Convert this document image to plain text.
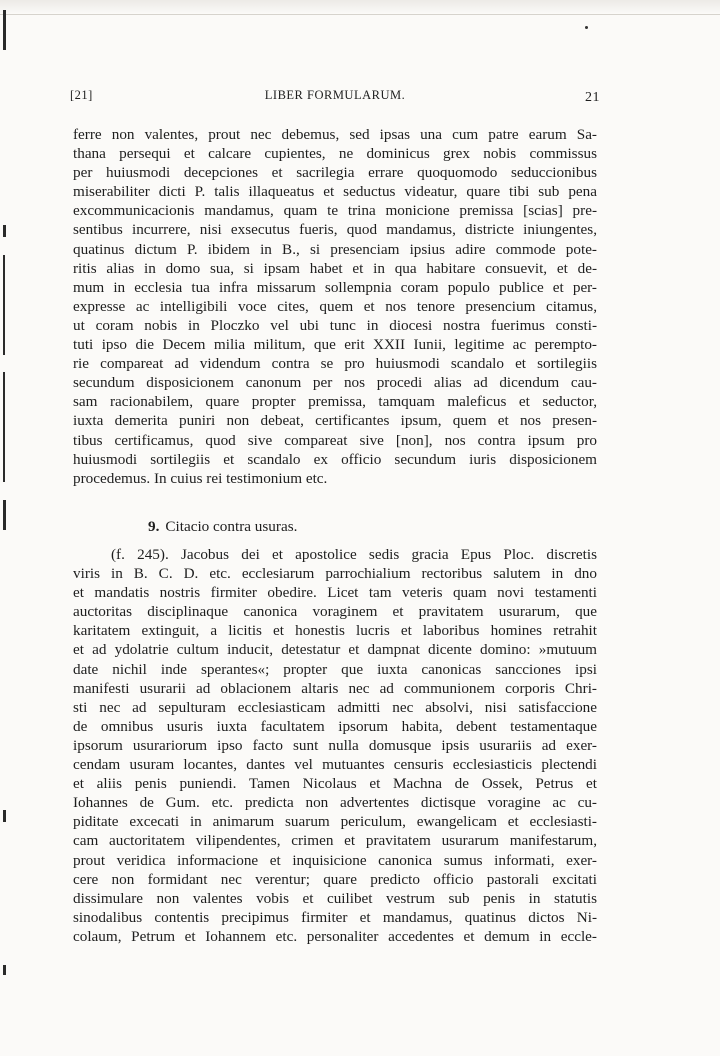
[21]	LIBER FORMULARUM.	21
ferre non valentes, prout nec debemus, sed ipsas una cum patre earum Sa-
thana persequi et calcare cupientes, ne dominicus grex nobis commissus
per huiusmodi decepciones et sacrilegia errare quoquomodo seduccionibus
miserabiliter dicti P. talis illaqueatus et seductus videatur, quare tibi sub pena
excommunicacionis mandamus, quam te trina monicione premissa [scias] pre-
sentibus incurrere, nisi exsecutus fueris, quod mandamus, districte iniungentes,
quatinus dictum P. ibidem in B., si presenciam ipsius adire commode pote-
ritis alias in domo sua, si ipsam habet et in qua habitare consuevit, et de-
mum in ecclesia tua infra missarum sollempnia coram populo publice et per-
expresse ac intelligibili voce cites, quem et nos tenore presencium citamus,
ut coram nobis in Ploczko vel ubi tunc in diocesi nostra fuerimus consti-
tuti ipso die Decem milia militum, que erit XXII Iunii, legitime ac perempto-
rie compareat ad videndum contra se pro huiusmodi scandalo et sortilegiis
secundum disposicionem canonum per nos procedi alias ad dicendum cau-
sam racionabilem, quare propter premissa, tamquam maleficus et seductor,
iuxta demerita puniri non debeat, certificantes ipsum, quem et nos presen-
tibus certificamus, quod sive compareat sive [non], nos contra ipsum pro
huiusmodi sortilegiis et scandalo ex officio secundum iuris disposicionem
procedemus. In cuius rei testimonium etc.
9. Citacio contra usuras.
(f. 245). Jacobus dei et apostolice sedis gracia Epus Ploc. discretis
viris in B. C. D. etc. ecclesiarum parrochialium rectoribus salutem in dno
et mandatis nostris firmiter obedire. Licet tam veteris quam novi testamenti
auctoritas disciplinaque canonica voraginem et pravitatem usurarum, que
karitatem extinguit, a licitis et honestis lucris et laboribus homines retrahit
et ad ydolatrie cultum inducit, detestatur et dampnat dicente domino: »mutuum
date nichil inde sperantes«; propter que iuxta canonicas sancciones ipsi
manifesti usurarii ad oblacionem altaris nec ad communionem corporis Chri-
sti nec ad sepulturam ecclesiasticam admitti nec absolvi, nisi satisfaccione
de omnibus usuris iuxta facultatem ipsorum habita, debent testamentaque
ipsorum usurariorum ipso facto sunt nulla domusque ipsis usurariis ad exer-
cendam usuram locantes, dantes vel mutuantes censuris ecclesiasticis plectendi
et aliis penis puniendi. Tamen Nicolaus et Machna de Ossek, Petrus et
Iohannes de Gum. etc. predicta non advertentes dictisque voragine ac cu-
piditate excecati in animarum suarum periculum, ewangelicam et ecclesiasti-
cam auctoritatem vilipendentes, crimen et pravitatem usurarum manifestarum,
prout veridica informacione et inquisicione canonica sumus informati, exer-
cere non formidant nec verentur; quare predicto officio pastorali excitati
dissimulare non valentes vobis et cuilibet vestrum sub penis in statutis
sinodalibus contentis precipimus firmiter et mandamus, quatinus dictos Ni-
colaum, Petrum et Iohannem etc. personaliter accedentes et demum in eccle-
